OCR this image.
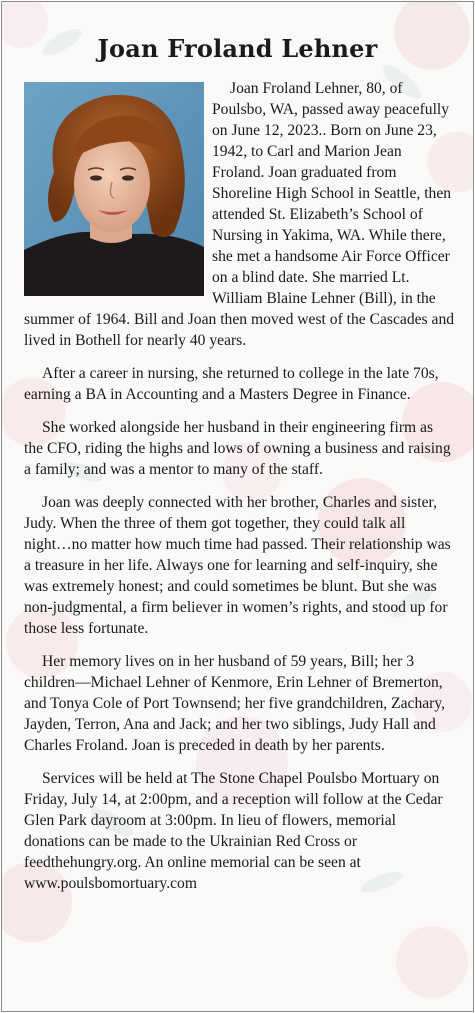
Joan Froland Lehner

Joan Froland Lehner, 80, of Poulsbo, WA, passed away peacefully on June 12, 2023.. Born on June 23, 1942, to Carl and Marion Jean Froland. Joan graduated from Shoreline High School in Seattle, then attended St. Elizabeth’s School of Nursing in Yakima, WA. While there, she met a handsome Air Force Officer on a blind date. She married Lt. William Blaine Lehner (Bill), in the summer of 1964. Bill and Joan then moved west of the Cascades and lived in Bothell for nearly 40 years.

After a career in nursing, she returned to college in the late 70s, earning a BA in Accounting and a Masters Degree in Finance.

She worked alongside her husband in their engineering firm as the CFO, riding the highs and lows of owning a business and raising a family; and was a mentor to many of the staff.

Joan was deeply connected with her brother, Charles and sister, Judy. When the three of them got together, they could talk all night…no matter how much time had passed. Their relationship was a treasure in her life. Always one for learning and self-inquiry, she was extremely honest; and could sometimes be blunt. But she was non-judgmental, a firm believer in women’s rights, and stood up for those less fortunate.

Her memory lives on in her husband of 59 years, Bill; her 3 children—Michael Lehner of Kenmore, Erin Lehner of Bremerton, and Tonya Cole of Port Townsend; her five grandchildren, Zachary, Jayden, Terron, Ana and Jack; and her two siblings, Judy Hall and Charles Froland. Joan is preceded in death by her parents.

Services will be held at The Stone Chapel Poulsbo Mortuary on Friday, July 14, at 2:00pm, and a reception will follow at the Cedar Glen Park dayroom at 3:00pm. In lieu of flowers, memorial donations can be made to the Ukrainian Red Cross or feedthehungry.org. An online memorial can be seen at www.poulsbomortuary.com
